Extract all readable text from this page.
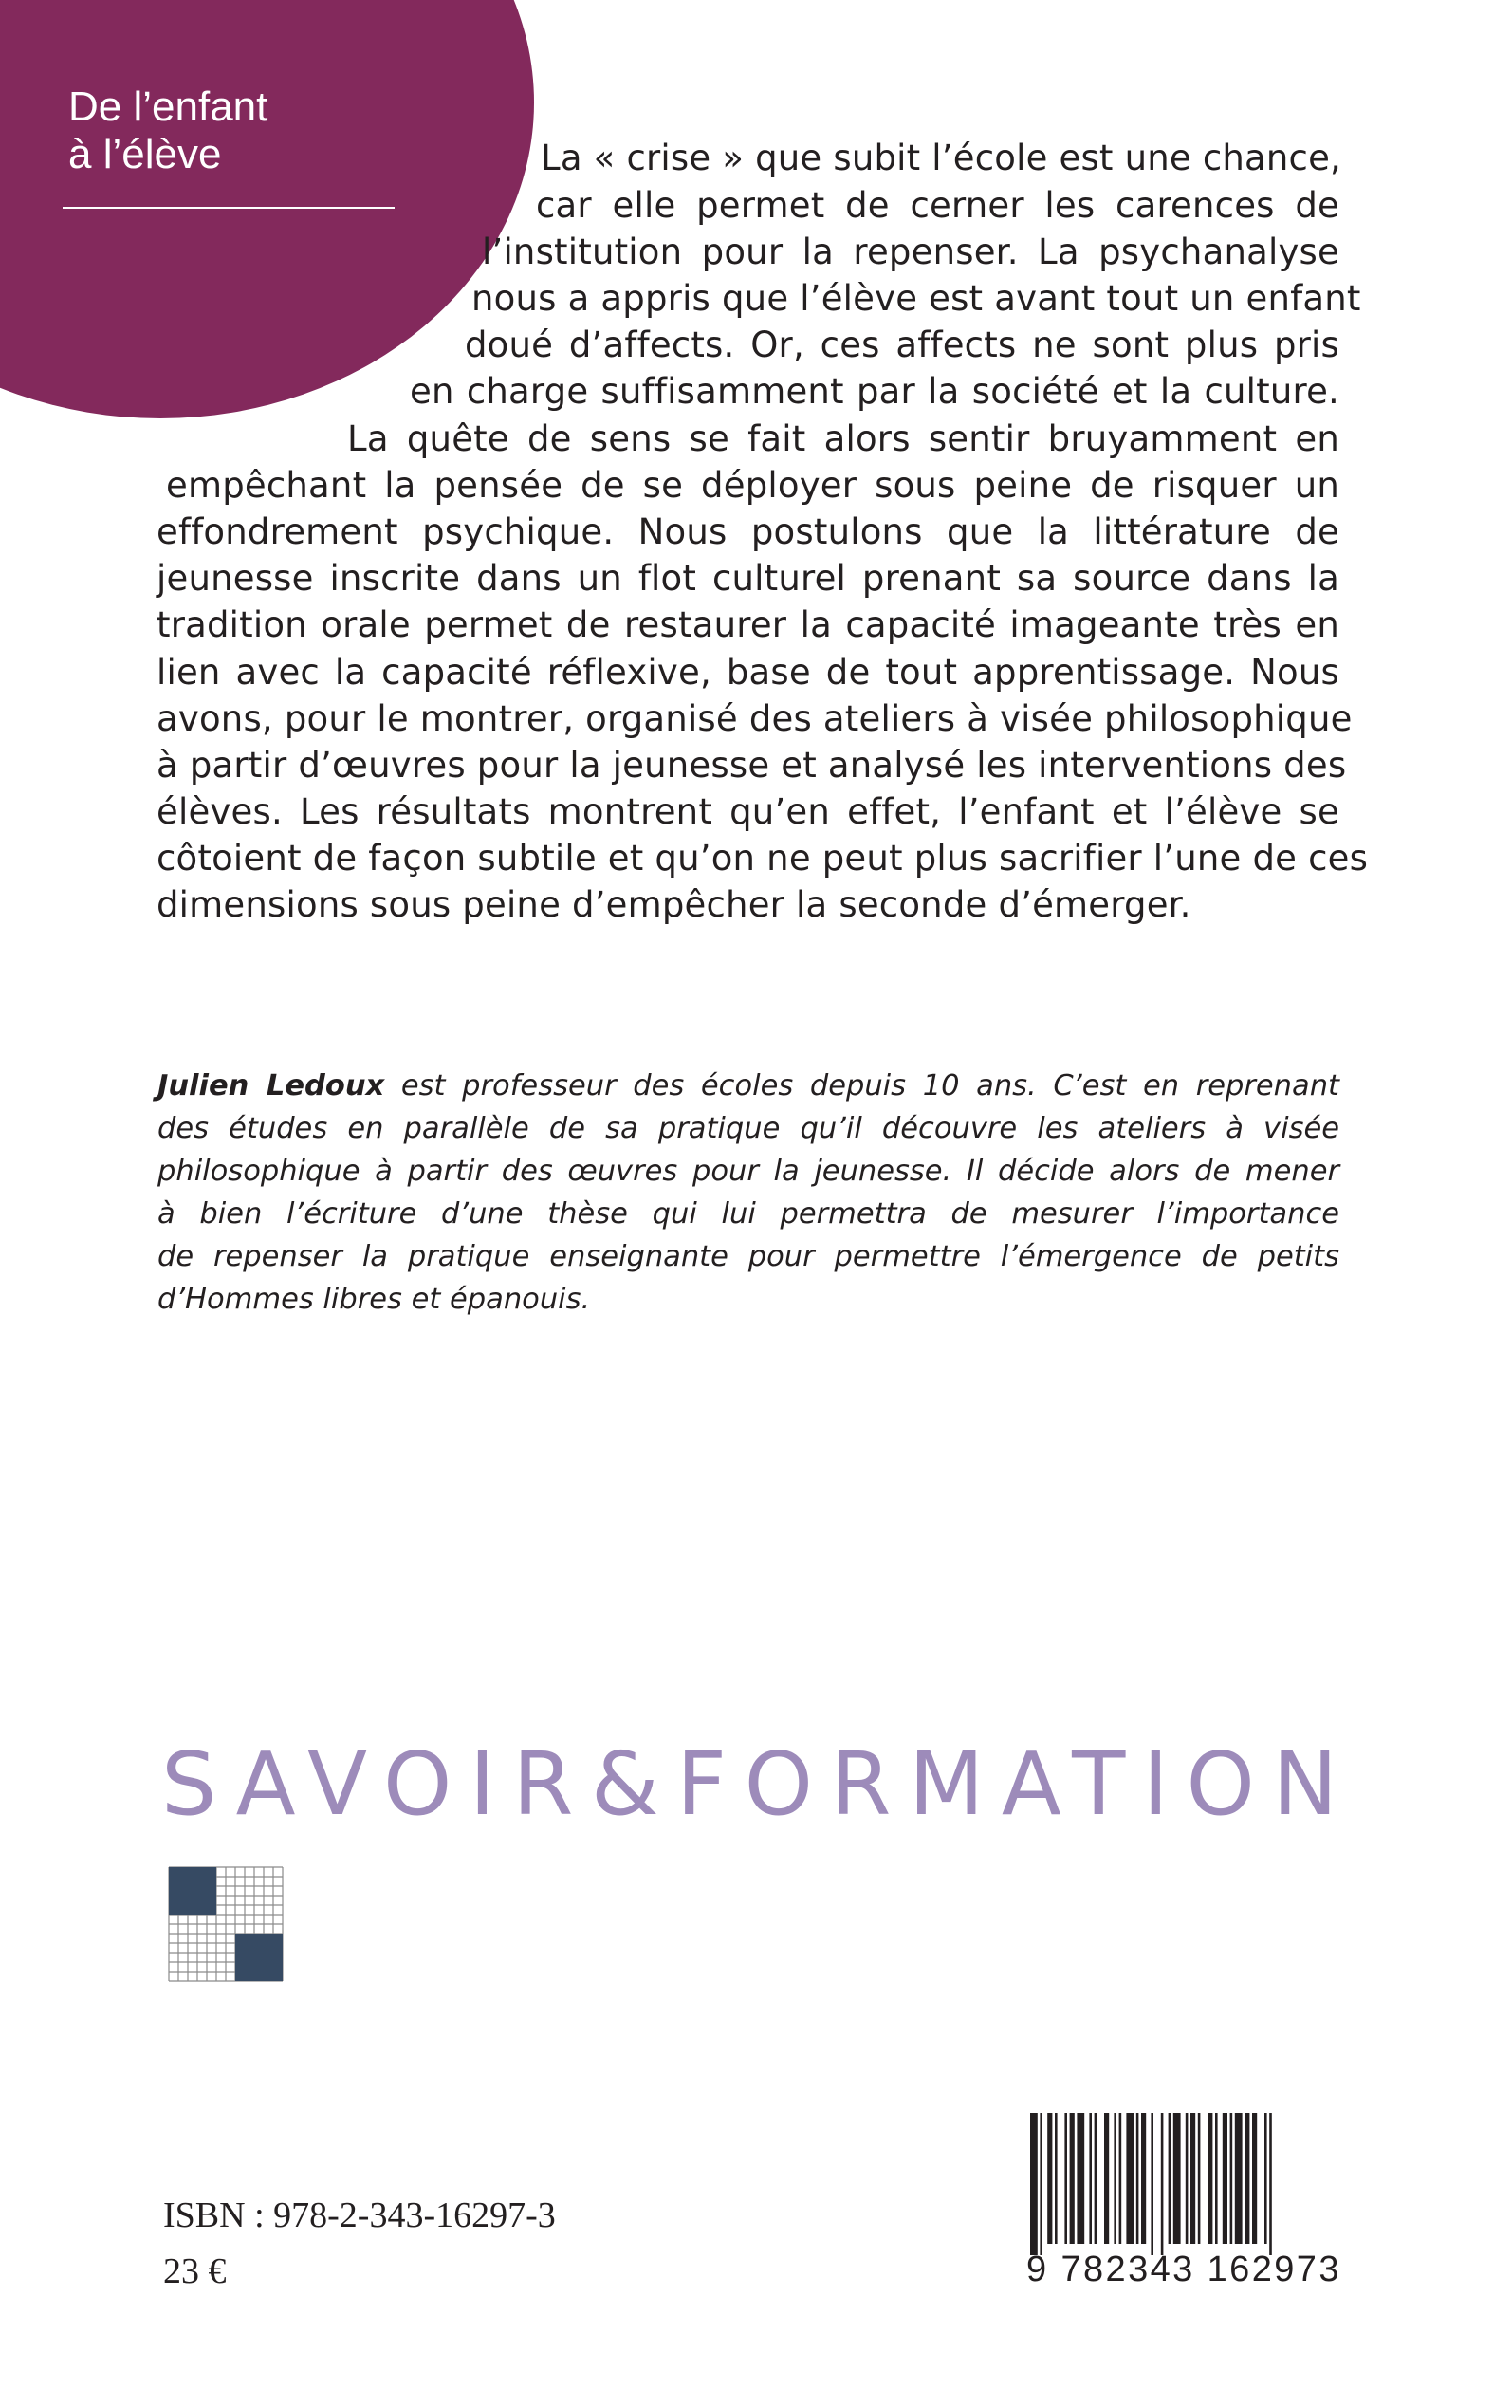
De l’enfant
à l’élève	La « crise » que subit l’école est une chance,
car elle permet de cerner les carences de
l’institution pour la repenser. La psychanalyse
nous a appris que l’élève est avant tout un enfant
doué d’affects. Or, ces affects ne sont plus pris
en charge suffisamment par la société et la culture.
La quête de sens se fait alors sentir bruyamment en
empêchant la pensée de se déployer sous peine de risquer un
effondrement psychique. Nous postulons que la littérature de
jeunesse inscrite dans un flot culturel prenant sa source dans la
tradition orale permet de restaurer la capacité imageante très en
lien avec la capacité réflexive, base de tout apprentissage. Nous
avons, pour le montrer, organisé des ateliers à visée philosophique
à partir d’œuvres pour la jeunesse et analysé les interventions des
élèves. Les résultats montrent qu’en effet, l’enfant et l’élève se
côtoient de façon subtile et qu’on ne peut plus sacrifier l’une de ces
dimensions sous peine d’empêcher la seconde d’émerger.
Julien Ledoux est professeur des écoles depuis 10 ans. C’est en reprenant
des études en parallèle de sa pratique qu’il découvre les ateliers à visée
philosophique à partir des œuvres pour la jeunesse. Il décide alors de mener
à bien l’écriture d’une thèse qui lui permettra de mesurer l’importance
de repenser la pratique enseignante pour permettre l’émergence de petits
d’Hommes libres et épanouis.
SAVOIR&FORMATION
ISBN : 978-2-343-16297-3
23 €	9 782343 162973
